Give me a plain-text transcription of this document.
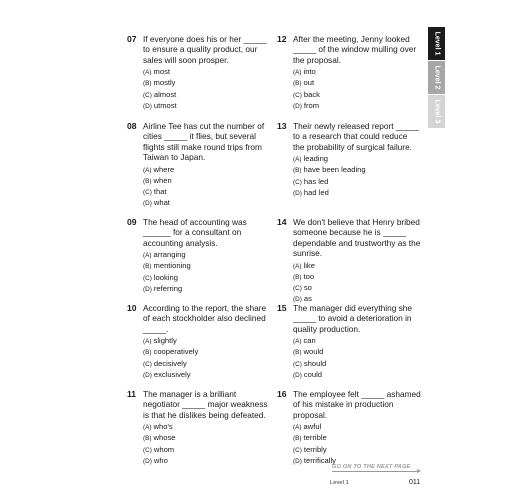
07 If everyone does his or her _____ to ensure a quality product, our sales will soon prosper.
(A) most
(B) mostly
(C) almost
(D) utmost
08 Airline Tee has cut the number of cities _____ it flies, but several flights still make round trips from Taiwan to Japan.
(A) where
(B) when
(C) that
(D) what
09 The head of accounting was ______ for a consultant on accounting analysis.
(A) arranging
(B) mentioning
(C) looking
(D) referring
10 According to the report, the share of each stockholder also declined _____.
(A) slightly
(B) cooperatively
(C) decisively
(D) exclusively
11 The manager is a brilliant negotiator _____ major weakness is that he dislikes being defeated.
(A) who's
(B) whose
(C) whom
(D) who
12 After the meeting, Jenny looked _____ of the window mulling over the proposal.
(A) into
(B) out
(C) back
(D) from
13 Their newly released report _____ to a research that could reduce the probability of surgical failure.
(A) leading
(B) have been leading
(C) has led
(D) had led
14 We don't believe that Henry bribed someone because he is _____ dependable and trustworthy as the sunrise.
(A) like
(B) too
(C) so
(D) as
15 The manager did everything she _____ to avoid a deterioration in quality production.
(A) can
(B) would
(C) should
(D) could
16 The employee felt _____ ashamed of his mistake in production proposal.
(A) awful
(B) terrible
(C) terribly
(D) terrifically
Level 1
Level 2
Level 3
GO ON TO THE NEXT PAGE
Level 1	011
